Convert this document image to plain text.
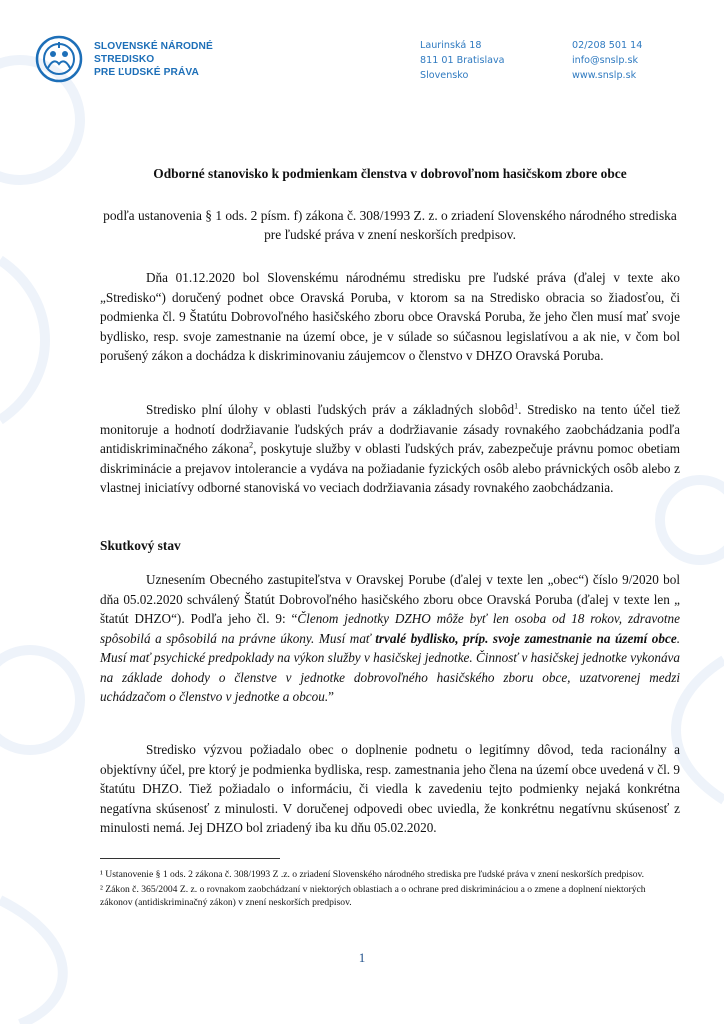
SLOVENSKÉ NÁRODNÉ
STREDISKO
PRE ĽUDSKÉ PRÁVA
Laurinská 18
811 01 Bratislava
Slovensko
02/208 501 14
info@snslp.sk
www.snslp.sk
Odborné stanovisko k podmienkam členstva v dobrovoľnom hasičskom zbore obce
podľa ustanovenia § 1 ods. 2 písm. f) zákona č. 308/1993 Z. z. o zriadení Slovenského národného strediska pre ľudské práva v znení neskorších predpisov.
Dňa 01.12.2020 bol Slovenskému národnému stredisku pre ľudské práva (ďalej v texte ako „Stredisko“) doručený podnet obce Oravská Poruba, v ktorom sa na Stredisko obracia so žiadosťou, či podmienka čl. 9 Štatútu Dobrovoľného hasičského zboru obce Oravská Poruba, že jeho člen musí mať svoje bydlisko, resp. svoje zamestnanie na území obce, je v súlade so súčasnou legislatívou a ak nie, v čom bol porušený zákon a dochádza k diskriminovaniu záujemcov o členstvo v DHZO Oravská Poruba.
Stredisko plní úlohy v oblasti ľudských práv a základných slobôd$^1$. Stredisko na tento účel tiež monitoruje a hodnotí dodržiavanie ľudských práv a dodržiavanie zásady rovnakého zaobchádzania podľa antidiskriminačného zákona$^2$, poskytuje služby v oblasti ľudských práv, zabezpečuje právnu pomoc obetiam diskriminácie a prejavov intolerancie a vydáva na požiadanie fyzických osôb alebo právnických osôb alebo z vlastnej iniciatívy odborné stanoviská vo veciach dodržiavania zásady rovnakého zaobchádzania.
Skutkový stav
Uznesením Obecného zastupiteľstva v Oravskej Porube (ďalej v texte len „obec“) číslo 9/2020 bol dňa 05.02.2020 schválený Štatút Dobrovoľného hasičského zboru obce Oravská Poruba (ďalej v texte len „ štatút DHZO“). Podľa jeho čl. 9: “Členom jednotky DZHO môže byť len osoba od 18 rokov, zdravotne spôsobilá a spôsobilá na právne úkony. Musí mať trvalé bydlisko, príp. svoje zamestnanie na území obce. Musí mať psychické predpoklady na výkon služby v hasičskej jednotke. Činnosť v hasičskej jednotke vykonáva na základe dohody o členstve v jednotke dobrovoľného hasičského zboru obce, uzatvorenej medzi uchádzačom o členstvo v jednotke a obcou.”
Stredisko výzvou požiadalo obec o doplnenie podnetu o legitímny dôvod, teda racionálny a objektívny účel, pre ktorý je podmienka bydliska, resp. zamestnania jeho člena na území obce uvedená v čl. 9 štatútu DHZO. Tiež požiadalo o informáciu, či viedla k zavedeniu tejto podmienky nejaká konkrétna negatívna skúsenosť z minulosti. V doručenej odpovedi obec uviedla, že konkrétnu negatívnu skúsenosť z minulosti nemá. Jej DHZO bol zriadený iba ku dňu 05.02.2020.

¹ Ustanovenie § 1 ods. 2 zákona č. 308/1993 Z .z. o zriadení Slovenského národného strediska pre ľudské práva v znení neskorších predpisov.

² Zákon č. 365/2004 Z. z. o rovnakom zaobchádzaní v niektorých oblastiach a o ochrane pred diskrimináciou a o zmene a doplnení niektorých zákonov (antidiskriminačný zákon) v znení neskorších predpisov.

1
